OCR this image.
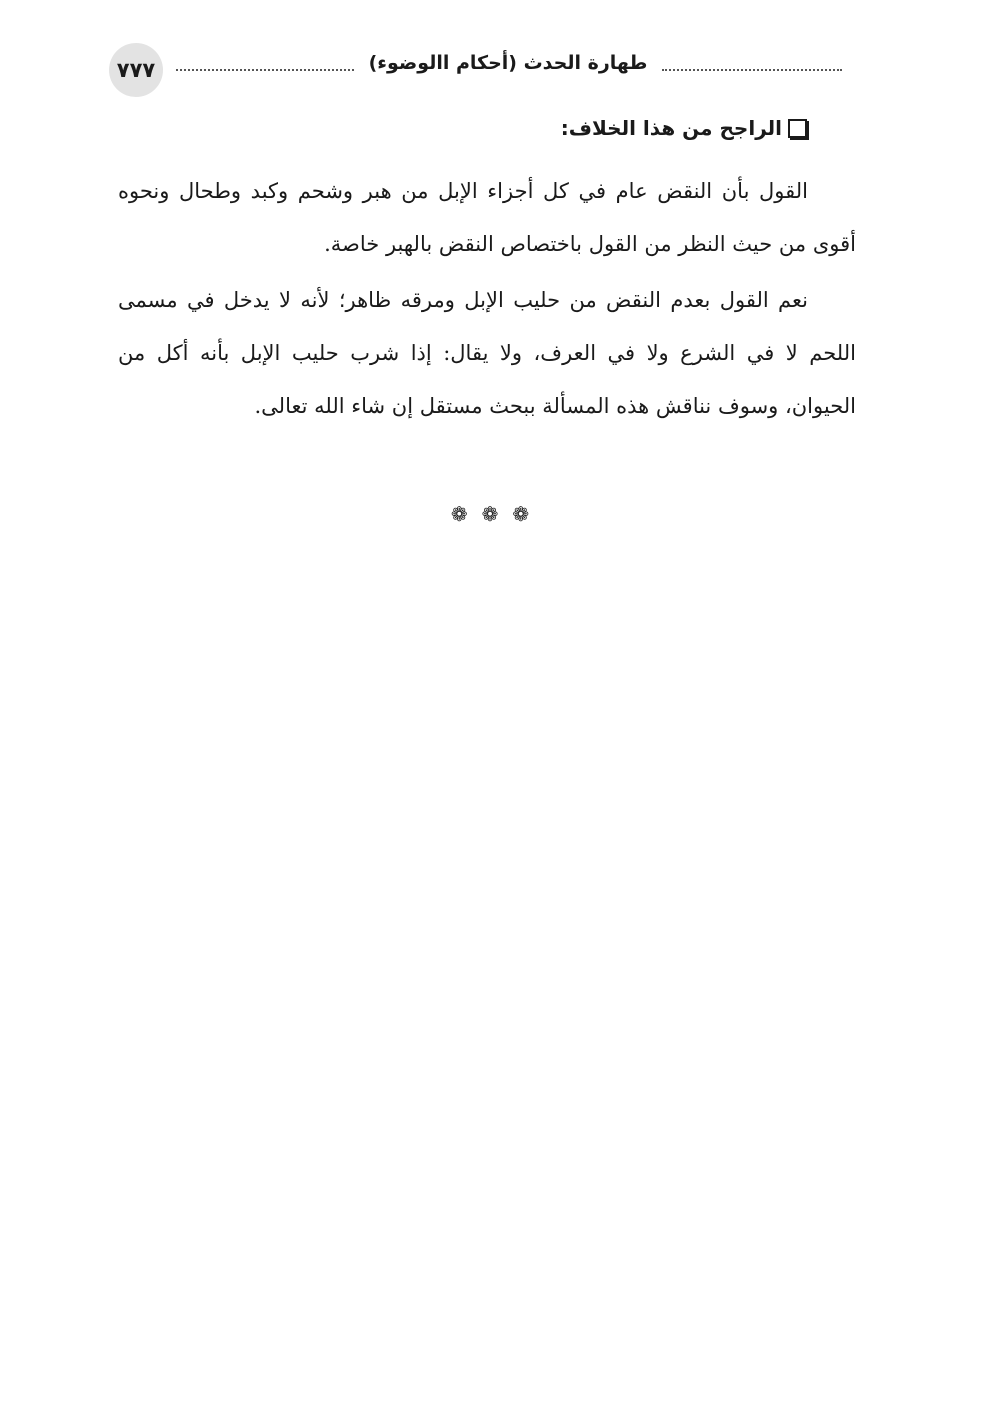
٧٧٧	طهارة الحدث (أحكام االوضوء)
الراجح من هذا الخلاف:

القول بأن النقض عام في كل أجزاء الإبل من هبر وشحم وكبد وطحال ونحوه أقوى من حيث النظر من القول باختصاص النقض بالهبر خاصة.

نعم القول بعدم النقض من حليب الإبل ومرقه ظاهر؛ لأنه لا يدخل في مسمى اللحم لا في الشرع ولا في العرف، ولا يقال: إذا شرب حليب الإبل بأنه أكل من الحيوان، وسوف نناقش هذه المسألة ببحث مستقل إن شاء الله تعالى.

❁ ❁ ❁
